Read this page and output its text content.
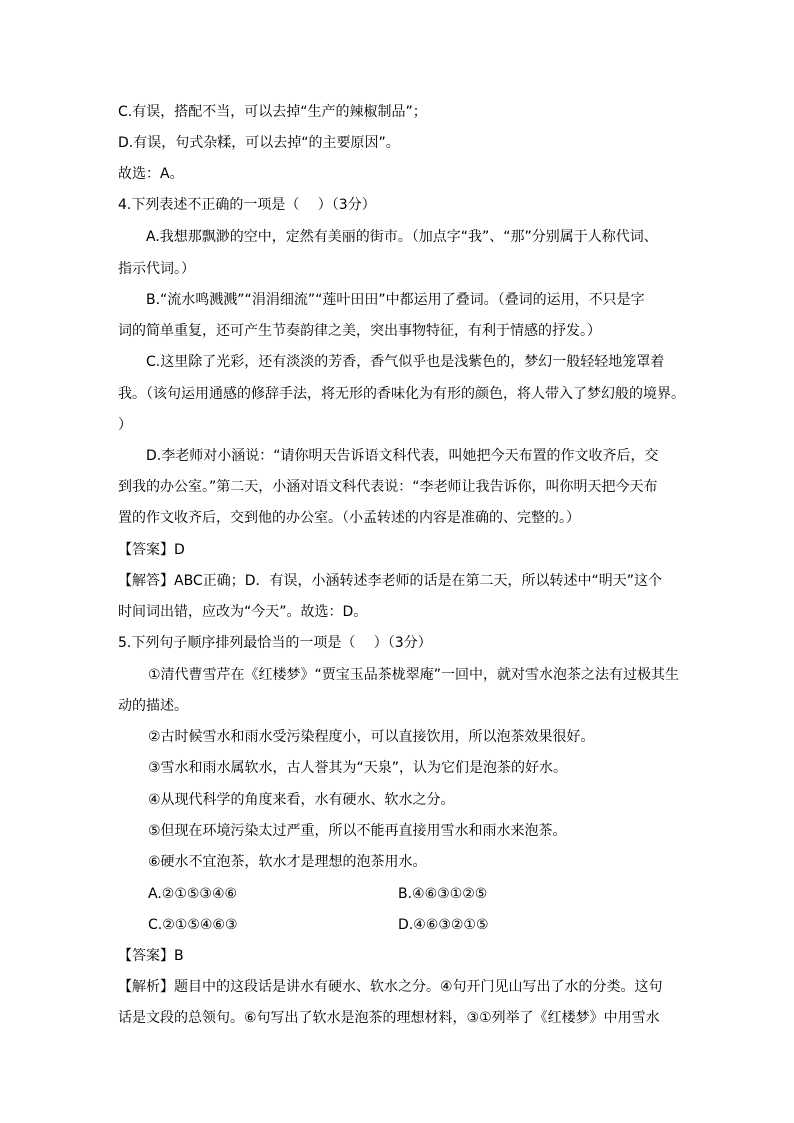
C.有误，搭配不当，可以去掉“生产的辣椒制品”；
D.有误，句式杂糅，可以去掉“的主要原因”。
故选：A。
4.下列表述不正确的一项是（　 ）（3分）
A.我想那飘渺的空中，定然有美丽的街市。（加点字“我”、“那”分别属于人称代词、
指示代词。）
B.“流水鸣溅溅”“涓涓细流”“莲叶田田”中都运用了叠词。（叠词的运用，不只是字
词的简单重复，还可产生节奏韵律之美，突出事物特征，有利于情感的抒发。）
C.这里除了光彩，还有淡淡的芳香，香气似乎也是浅紫色的，梦幻一般轻轻地笼罩着
我。（该句运用通感的修辞手法，将无形的香味化为有形的颜色，将人带入了梦幻般的境界。
）
D.李老师对小涵说：“请你明天告诉语文科代表，叫她把今天布置的作文收齐后，交
到我的办公室。”第二天，小涵对语文科代表说：“李老师让我告诉你，叫你明天把今天布
置的作文收齐后，交到他的办公室。（小孟转述的内容是准确的、完整的。）
【答案】D
【解答】ABC正确；D．有误，小涵转述李老师的话是在第二天，所以转述中“明天”这个
时间词出错，应改为“今天”。故选：D。
5.下列句子顺序排列最恰当的一项是（　 ）（3分）
①清代曹雪芹在《红楼梦》“贾宝玉品茶栊翠庵”一回中，就对雪水泡茶之法有过极其生
动的描述。
②古时候雪水和雨水受污染程度小，可以直接饮用，所以泡茶效果很好。
③雪水和雨水属软水，古人誉其为“天泉”，认为它们是泡茶的好水。
④从现代科学的角度来看，水有硬水、软水之分。
⑤但现在环境污染太过严重，所以不能再直接用雪水和雨水来泡茶。
⑥硬水不宜泡茶，软水才是理想的泡茶用水。
A.②①⑤③④⑥	B.④⑥③①②⑤
C.②①⑤④⑥③	D.④⑥③②①⑤
【答案】B
【解析】题目中的这段话是讲水有硬水、软水之分。④句开门见山写出了水的分类。这句
话是文段的总领句。⑥句写出了软水是泡茶的理想材料，③①列举了《红楼梦》中用雪水
